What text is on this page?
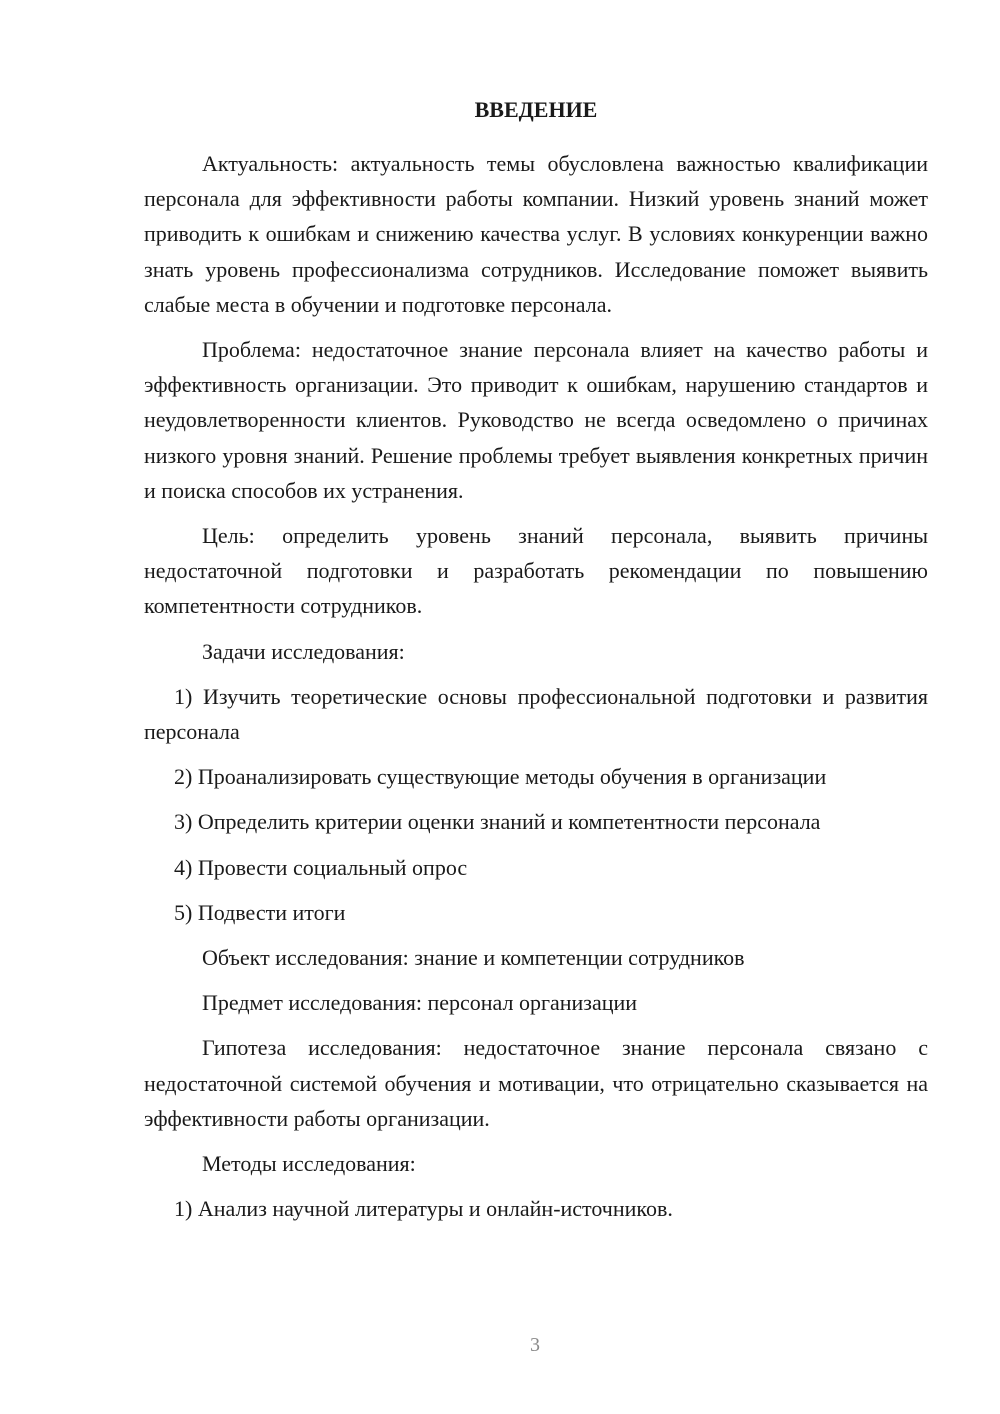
ВВЕДЕНИЕ

Актуальность: актуальность темы обусловлена важностью квалификации персонала для эффективности работы компании. Низкий уровень знаний может приводить к ошибкам и снижению качества услуг. В условиях конкуренции важно знать уровень профессионализма сотрудников. Исследование поможет выявить слабые места в обучении и подготовке персонала.

Проблема: недостаточное знание персонала влияет на качество работы и эффективность организации. Это приводит к ошибкам, нарушению стандартов и неудовлетворенности клиентов. Руководство не всегда осведомлено о причинах низкого уровня знаний. Решение проблемы требует выявления конкретных причин и поиска способов их устранения.

Цель: определить уровень знаний персонала, выявить причины недостаточной подготовки и разработать рекомендации по повышению компетентности сотрудников.

Задачи исследования:

1) Изучить теоретические основы профессиональной подготовки и развития персонала

2) Проанализировать существующие методы обучения в организации

3) Определить критерии оценки знаний и компетентности персонала

4) Провести социальный опрос

5) Подвести итоги

Объект исследования: знание и компетенции сотрудников

Предмет исследования: персонал организации

Гипотеза исследования: недостаточное знание персонала связано с недостаточной системой обучения и мотивации, что отрицательно сказывается на эффективности работы организации.

Методы исследования:

1) Анализ научной литературы и онлайн-источников.

3
